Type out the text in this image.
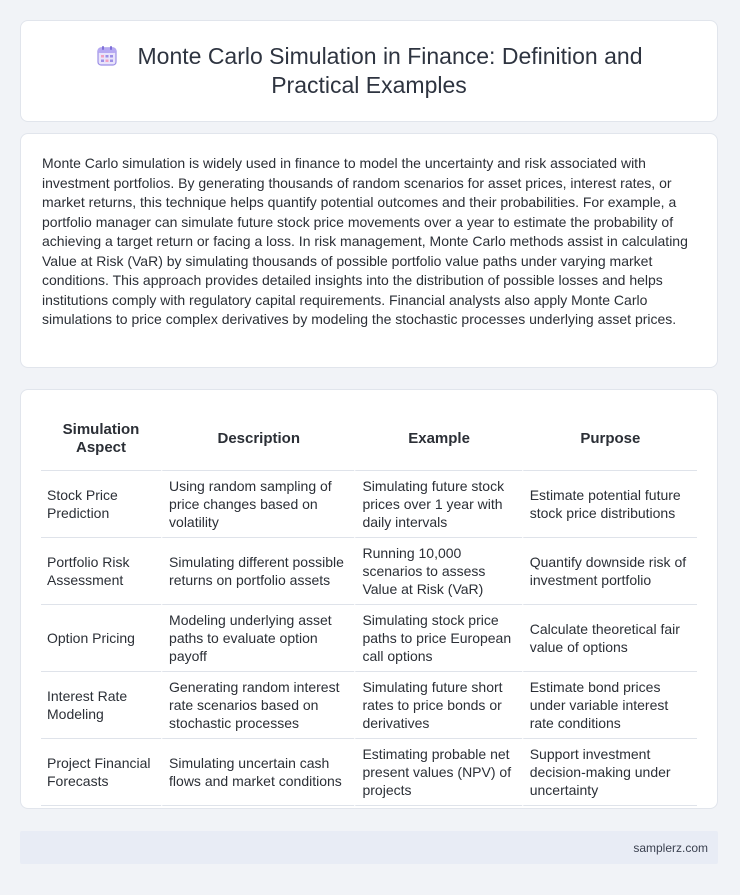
Monte Carlo Simulation in Finance: Definition and Practical Examples

Monte Carlo simulation is widely used in finance to model the uncertainty and risk associated with investment portfolios. By generating thousands of random scenarios for asset prices, interest rates, or market returns, this technique helps quantify potential outcomes and their probabilities. For example, a portfolio manager can simulate future stock price movements over a year to estimate the probability of achieving a target return or facing a loss. In risk management, Monte Carlo methods assist in calculating Value at Risk (VaR) by simulating thousands of possible portfolio value paths under varying market conditions. This approach provides detailed insights into the distribution of possible losses and helps institutions comply with regulatory capital requirements. Financial analysts also apply Monte Carlo simulations to price complex derivatives by modeling the stochastic processes underlying asset prices.

Simulation Aspect	Description	Example	Purpose
Stock Price Prediction	Using random sampling of price changes based on volatility	Simulating future stock prices over 1 year with daily intervals	Estimate potential future stock price distributions
Portfolio Risk Assessment	Simulating different possible returns on portfolio assets	Running 10,000 scenarios to assess Value at Risk (VaR)	Quantify downside risk of investment portfolio
Option Pricing	Modeling underlying asset paths to evaluate option payoff	Simulating stock price paths to price European call options	Calculate theoretical fair value of options
Interest Rate Modeling	Generating random interest rate scenarios based on stochastic processes	Simulating future short rates to price bonds or derivatives	Estimate bond prices under variable interest rate conditions
Project Financial Forecasts	Simulating uncertain cash flows and market conditions	Estimating probable net present values (NPV) of projects	Support investment decision-making under uncertainty
samplerz.com
